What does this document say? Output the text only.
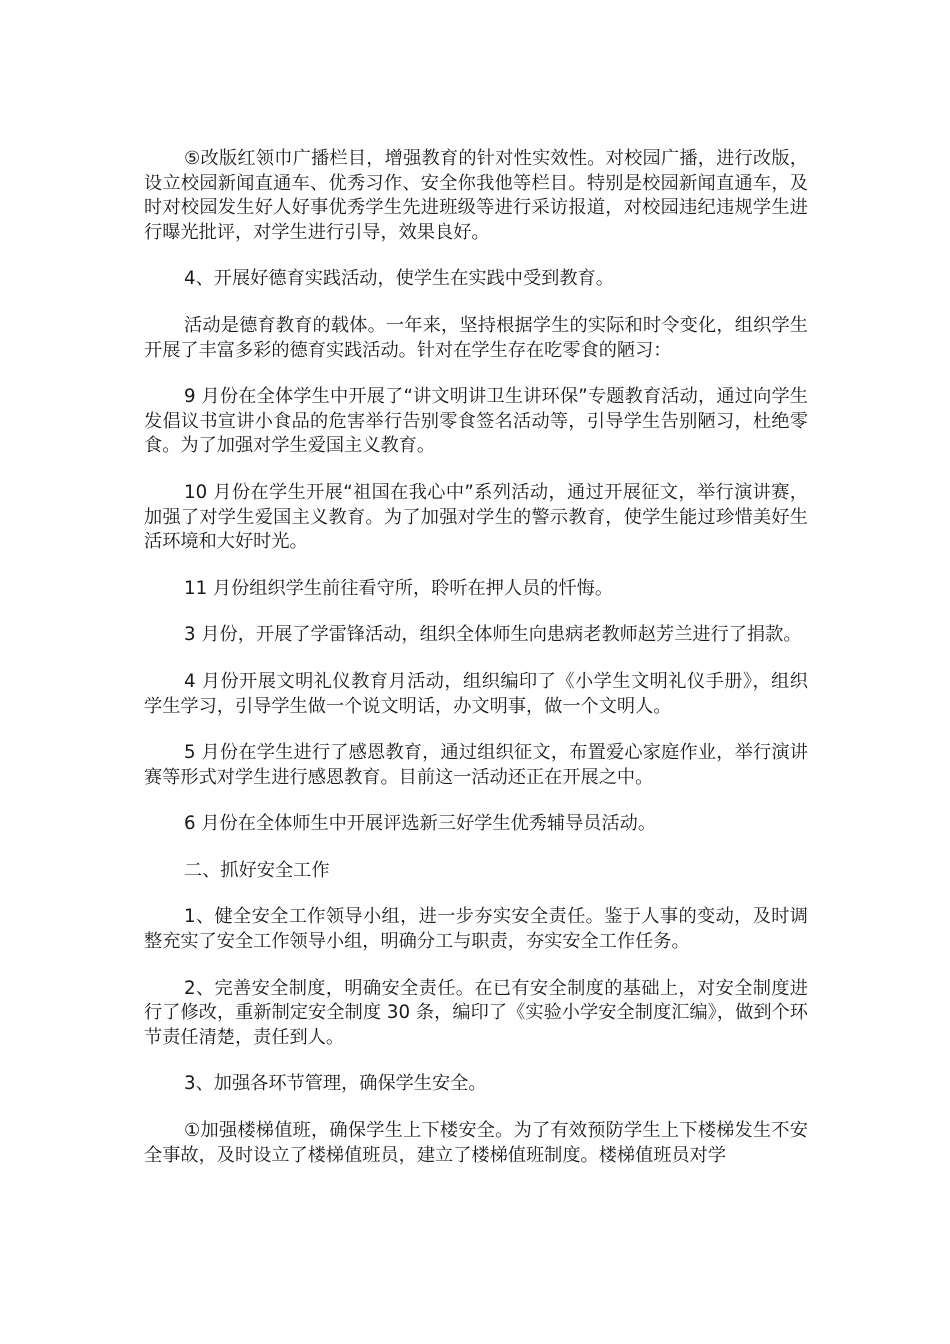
⑤改版红领巾广播栏目，增强教育的针对性实效性。对校园广播，进行改版，设立校园新闻直通车、优秀习作、安全你我他等栏目。特别是校园新闻直通车，及时对校园发生好人好事优秀学生先进班级等进行采访报道，对校园违纪违规学生进行曝光批评，对学生进行引导，效果良好。

4、开展好德育实践活动，使学生在实践中受到教育。

活动是德育教育的载体。一年来，坚持根据学生的实际和时令变化，组织学生开展了丰富多彩的德育实践活动。针对在学生存在吃零食的陋习：

9 月份在全体学生中开展了“讲文明讲卫生讲环保”专题教育活动，通过向学生发倡议书宣讲小食品的危害举行告别零食签名活动等，引导学生告别陋习，杜绝零食。为了加强对学生爱国主义教育。

10 月份在学生开展“祖国在我心中”系列活动，通过开展征文，举行演讲赛，加强了对学生爱国主义教育。为了加强对学生的警示教育，使学生能过珍惜美好生活环境和大好时光。

11 月份组织学生前往看守所，聆听在押人员的忏悔。

3 月份，开展了学雷锋活动，组织全体师生向患病老教师赵芳兰进行了捐款。

4 月份开展文明礼仪教育月活动，组织编印了《小学生文明礼仪手册》，组织学生学习，引导学生做一个说文明话，办文明事，做一个文明人。

5 月份在学生进行了感恩教育，通过组织征文，布置爱心家庭作业，举行演讲赛等形式对学生进行感恩教育。目前这一活动还正在开展之中。

6 月份在全体师生中开展评选新三好学生优秀辅导员活动。

二、抓好安全工作

1、健全安全工作领导小组，进一步夯实安全责任。鉴于人事的变动，及时调整充实了安全工作领导小组，明确分工与职责，夯实安全工作任务。

2、完善安全制度，明确安全责任。在已有安全制度的基础上，对安全制度进行了修改，重新制定安全制度 30 条，编印了《实验小学安全制度汇编》，做到个环节责任清楚，责任到人。

3、加强各环节管理，确保学生安全。

①加强楼梯值班，确保学生上下楼安全。为了有效预防学生上下楼梯发生不安全事故，及时设立了楼梯值班员，建立了楼梯值班制度。楼梯值班员对学
